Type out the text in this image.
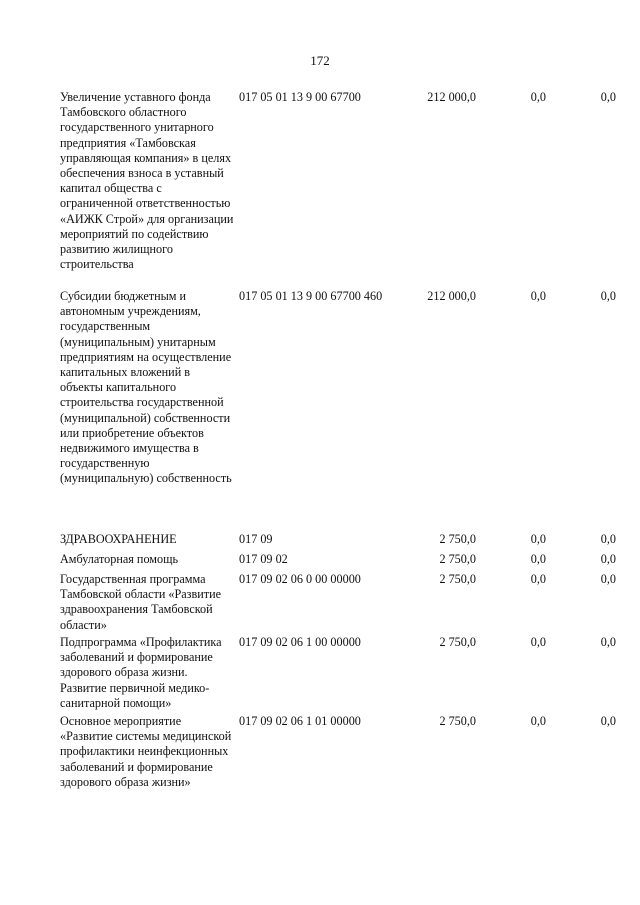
172
Увеличение уставного фонда Тамбовского областного государственного унитарного предприятия «Тамбовская управляющая компания» в целях обеспечения взноса в уставный капитал общества с ограниченной ответственностью «АИЖК Строй» для организации мероприятий по содействию развитию жилищного строительства
017 05 01 13 9 00 67700	212 000,0	0,0	0,0
Субсидии бюджетным и автономным учреждениям, государственным (муниципальным) унитарным предприятиям на осуществление капитальных вложений в объекты капитального строительства государственной (муниципальной) собственности или приобретение объектов недвижимого имущества в государственную (муниципальную) собственность
017 05 01 13 9 00 67700 460	212 000,0	0,0	0,0
ЗДРАВООХРАНЕНИЕ	017 09	2 750,0	0,0	0,0
Амбулаторная помощь	017 09 02	2 750,0	0,0	0,0
Государственная программа Тамбовской области «Развитие здравоохранения Тамбовской области»
017 09 02 06 0 00 00000	2 750,0	0,0	0,0
Подпрограмма «Профилактика заболеваний и формирование здорового образа жизни. Развитие первичной медико-санитарной помощи»
017 09 02 06 1 00 00000	2 750,0	0,0	0,0
Основное мероприятие «Развитие системы медицинской профилактики неинфекционных заболеваний и формирование здорового образа жизни»
017 09 02 06 1 01 00000	2 750,0	0,0	0,0
